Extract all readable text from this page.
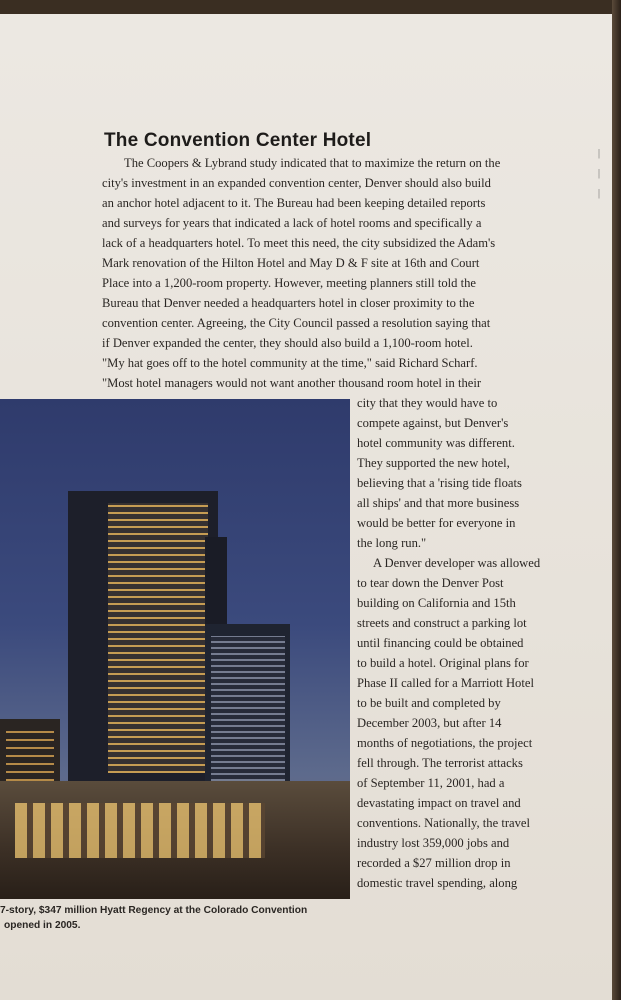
The Convention Center Hotel
The Coopers & Lybrand study indicated that to maximize the return on the
city's investment in an expanded convention center, Denver should also build
an anchor hotel adjacent to it. The Bureau had been keeping detailed reports
and surveys for years that indicated a lack of hotel rooms and specifically a
lack of a headquarters hotel. To meet this need, the city subsidized the Adam's
Mark renovation of the Hilton Hotel and May D & F site at 16th and Court
Place into a 1,200-room property. However, meeting planners still told the
Bureau that Denver needed a headquarters hotel in closer proximity to the
convention center. Agreeing, the City Council passed a resolution saying that
if Denver expanded the center, they should also build a 1,100-room hotel.
"My hat goes off to the hotel community at the time," said Richard Scharf.
"Most hotel managers would not want another thousand room hotel in their
city that they would have to
compete against, but Denver's
hotel community was different.
They supported the new hotel,
believing that a 'rising tide floats
all ships' and that more business
would be better for everyone in
the long run."
A Denver developer was allowed
to tear down the Denver Post
building on California and 15th
streets and construct a parking lot
until financing could be obtained
to build a hotel. Original plans for
Phase II called for a Marriott Hotel
to be built and completed by
December 2003, but after 14
months of negotiations, the project
fell through. The terrorist attacks
of September 11, 2001, had a
devastating impact on travel and
conventions. Nationally, the travel
industry lost 359,000 jobs and
recorded a $27 million drop in
domestic travel spending, along

7-story, $347 million Hyatt Regency at the Colorado Convention
opened in 2005.

|
|
|
